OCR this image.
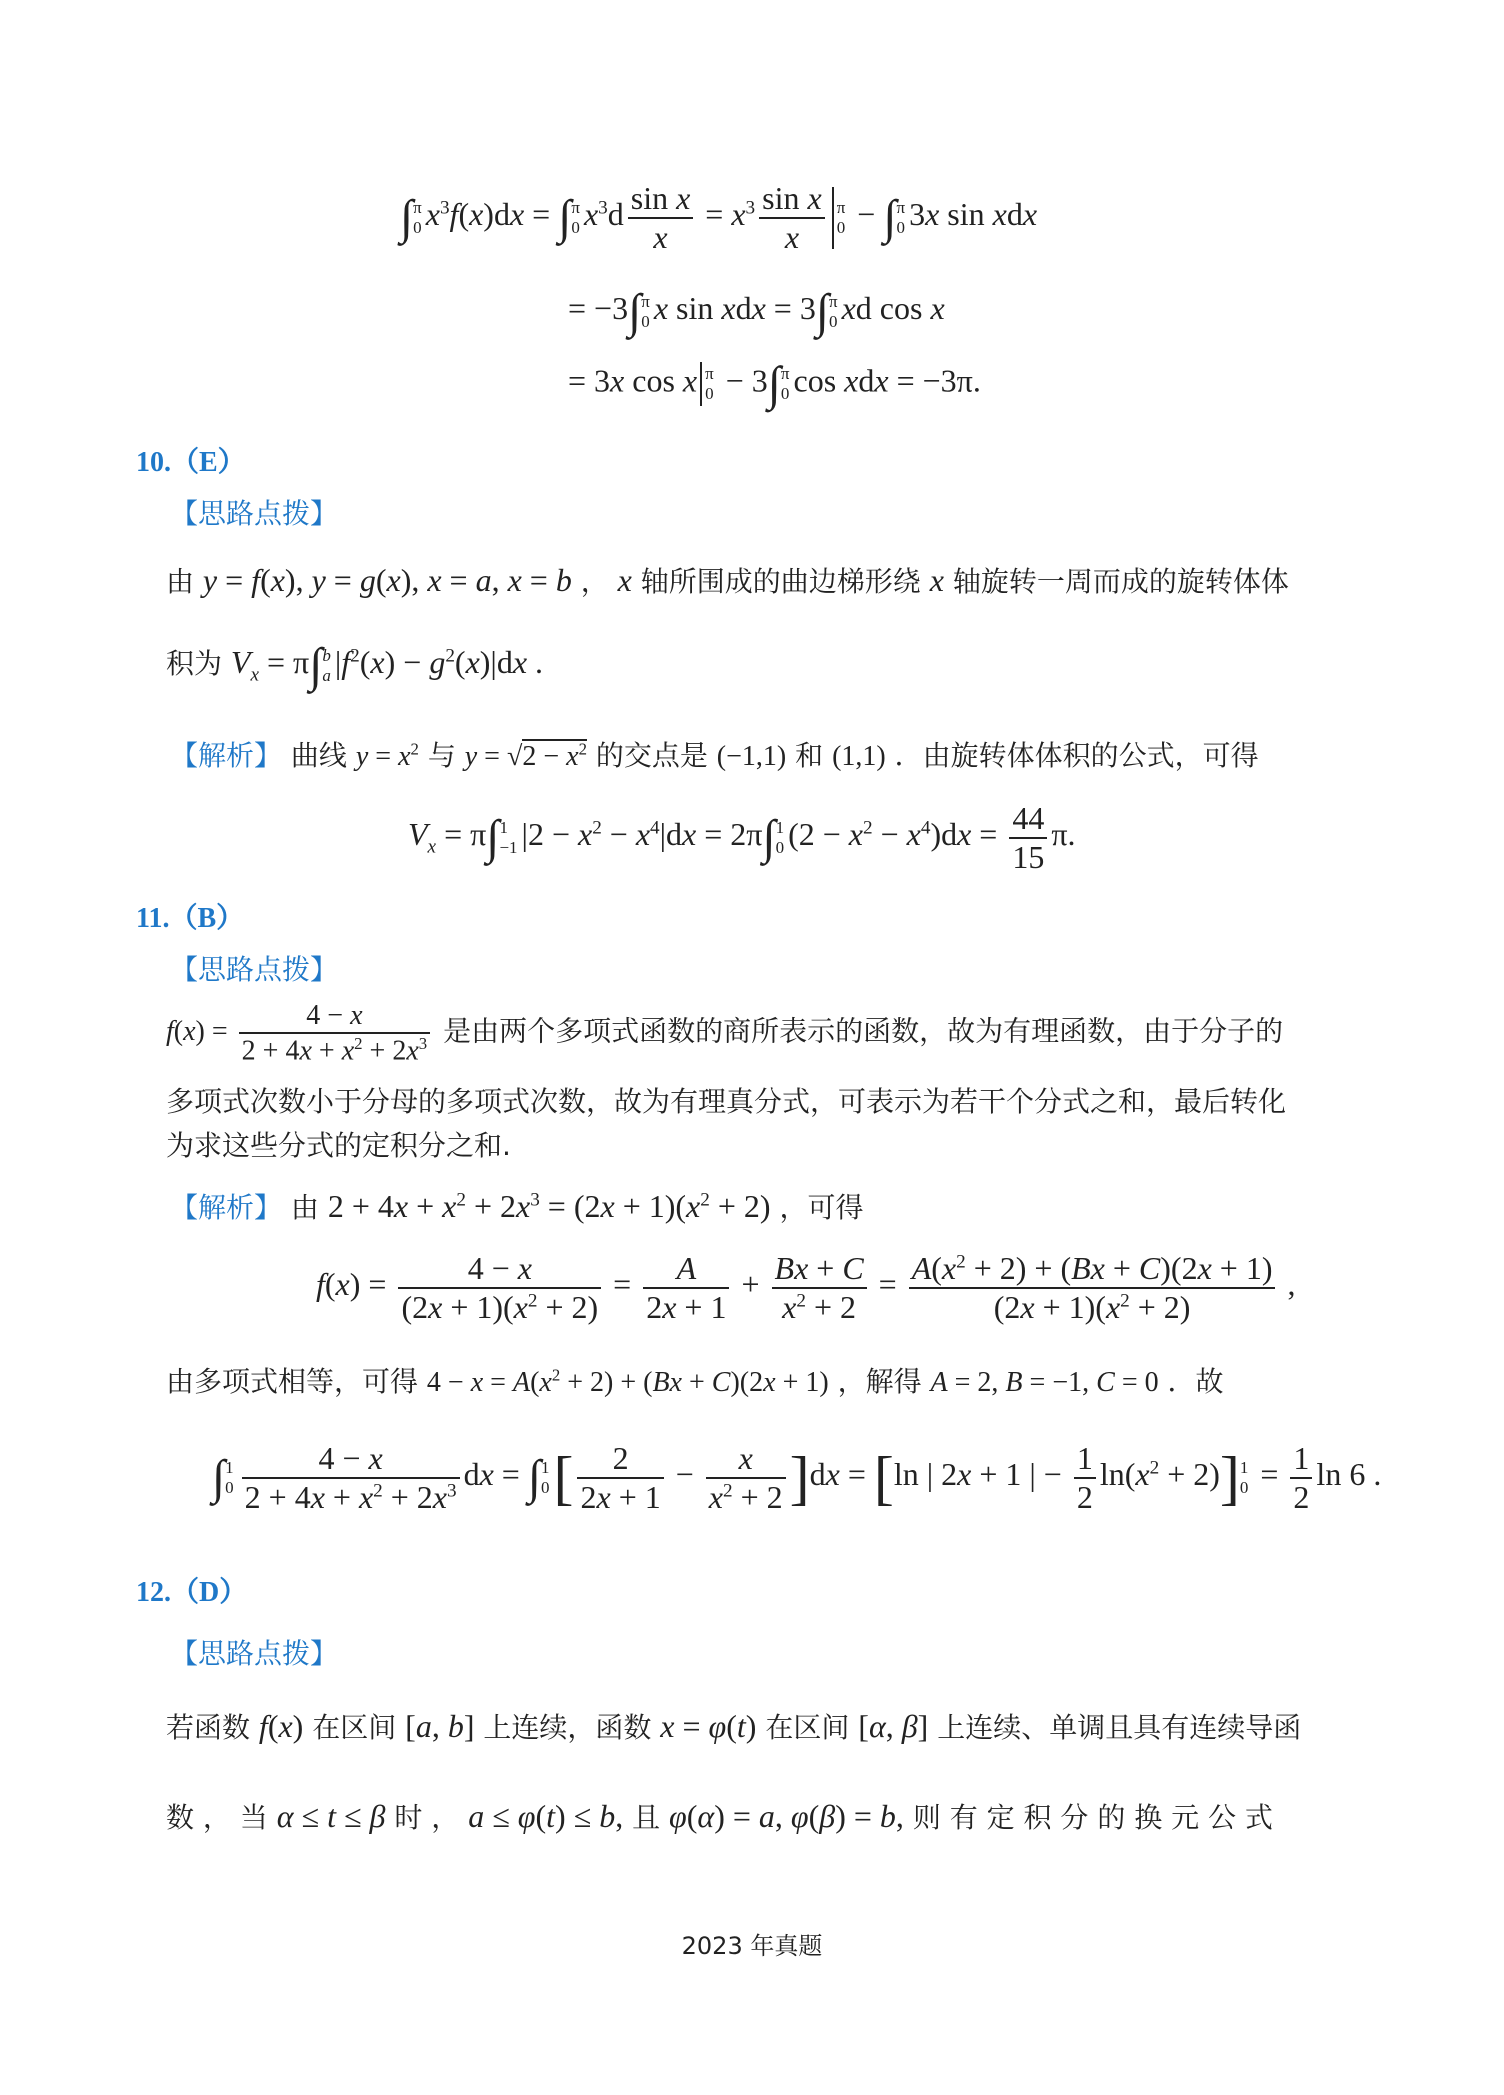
∫ π
0 $x^3f(x)dx$ = ∫ π
0 $x^3d \frac{\text{sin x}}{x} = x^3 \frac{\text{sin x}}{x}$ π
0 − ∫ π
0 3x sin xdx
= −3∫ π
0 x sin xdx = 3∫ π
0 xd cos x
= 3x cos x π
0 − 3∫ π
0 cos xdx = −3π.
10.（E）
【思路点拨】
由 y = f(x), y = g(x), x = a, x = b ， x 轴所围成的曲边梯形绕 x 轴旋转一周而成的旋转体体
积为 $V_x = \pi\int$ b
a $|f^2(x) - g^2(x)|dx$ .
【解析】 曲线 $y = x^2$ 与 $y = √2 - x^2$ 的交点是 (−1,1) 和 (1,1) ．由旋转体体积的公式，可得
$V_x = \pi\int$ 1
−1 $|2 - x^2 - x^4|dx = 2\pi\int$ 1
0 $(2 - x^2 - x^4)dx = \frac{44}{15} \pi$.
11.（B）
【思路点拨】
$f(x) = \frac{4 - x}{2 + 4x + x^2 + 2x^3}$ 是由两个多项式函数的商所表示的函数，故为有理函数，由于分子的
多项式次数小于分母的多项式次数，故为有理真分式，可表示为若干个分式之和，最后转化
为求这些分式的定积分之和.
【解析】 由 $2 + 4x + x^2 + 2x^3 = (2x + 1)(x^2 + 2)$ ，可得
$f(x) = \frac{4 - x}{(2x + 1)(x^2 + 2)} = \frac{A}{2x + 1} + \frac{Bx + C}{x^2 + 2} = \frac{A(x^2 + 2) + (Bx + C)(2x + 1)}{(2x + 1)(x^2 + 2)}$ ,
由多项式相等，可得 $4 - x = A(x^2 + 2) + (Bx + C)(2x + 1)$ ，解得 A = 2, B = −1, C = 0 ．故
∫ 1
$0 \frac{4 - x}{2 + 4x + x^2 + 2x^3}$ dx = ∫ 1
0 [ $\frac{2}{2x + 1} - \frac{x}{x^2 + 2} ]dx = [\ln$ | 2x + 1 | − $\frac{1}{2} \ln(x^2 + 2)$] 1
$0 = \frac{1}{2}$ ln 6 .
12.（D）
【思路点拨】
若函数 f(x) 在区间 [a, b] 上连续，函数 x = φ(t) 在区间 [α, β] 上连续、单调且具有连续导函
数 ， 当 α ≤ t ≤ β 时 ， a ≤ φ(t) ≤ b, 且 φ(α) = a, φ(β) = b, 则 有 定 积 分 的 换 元 公 式
2023 年真题
